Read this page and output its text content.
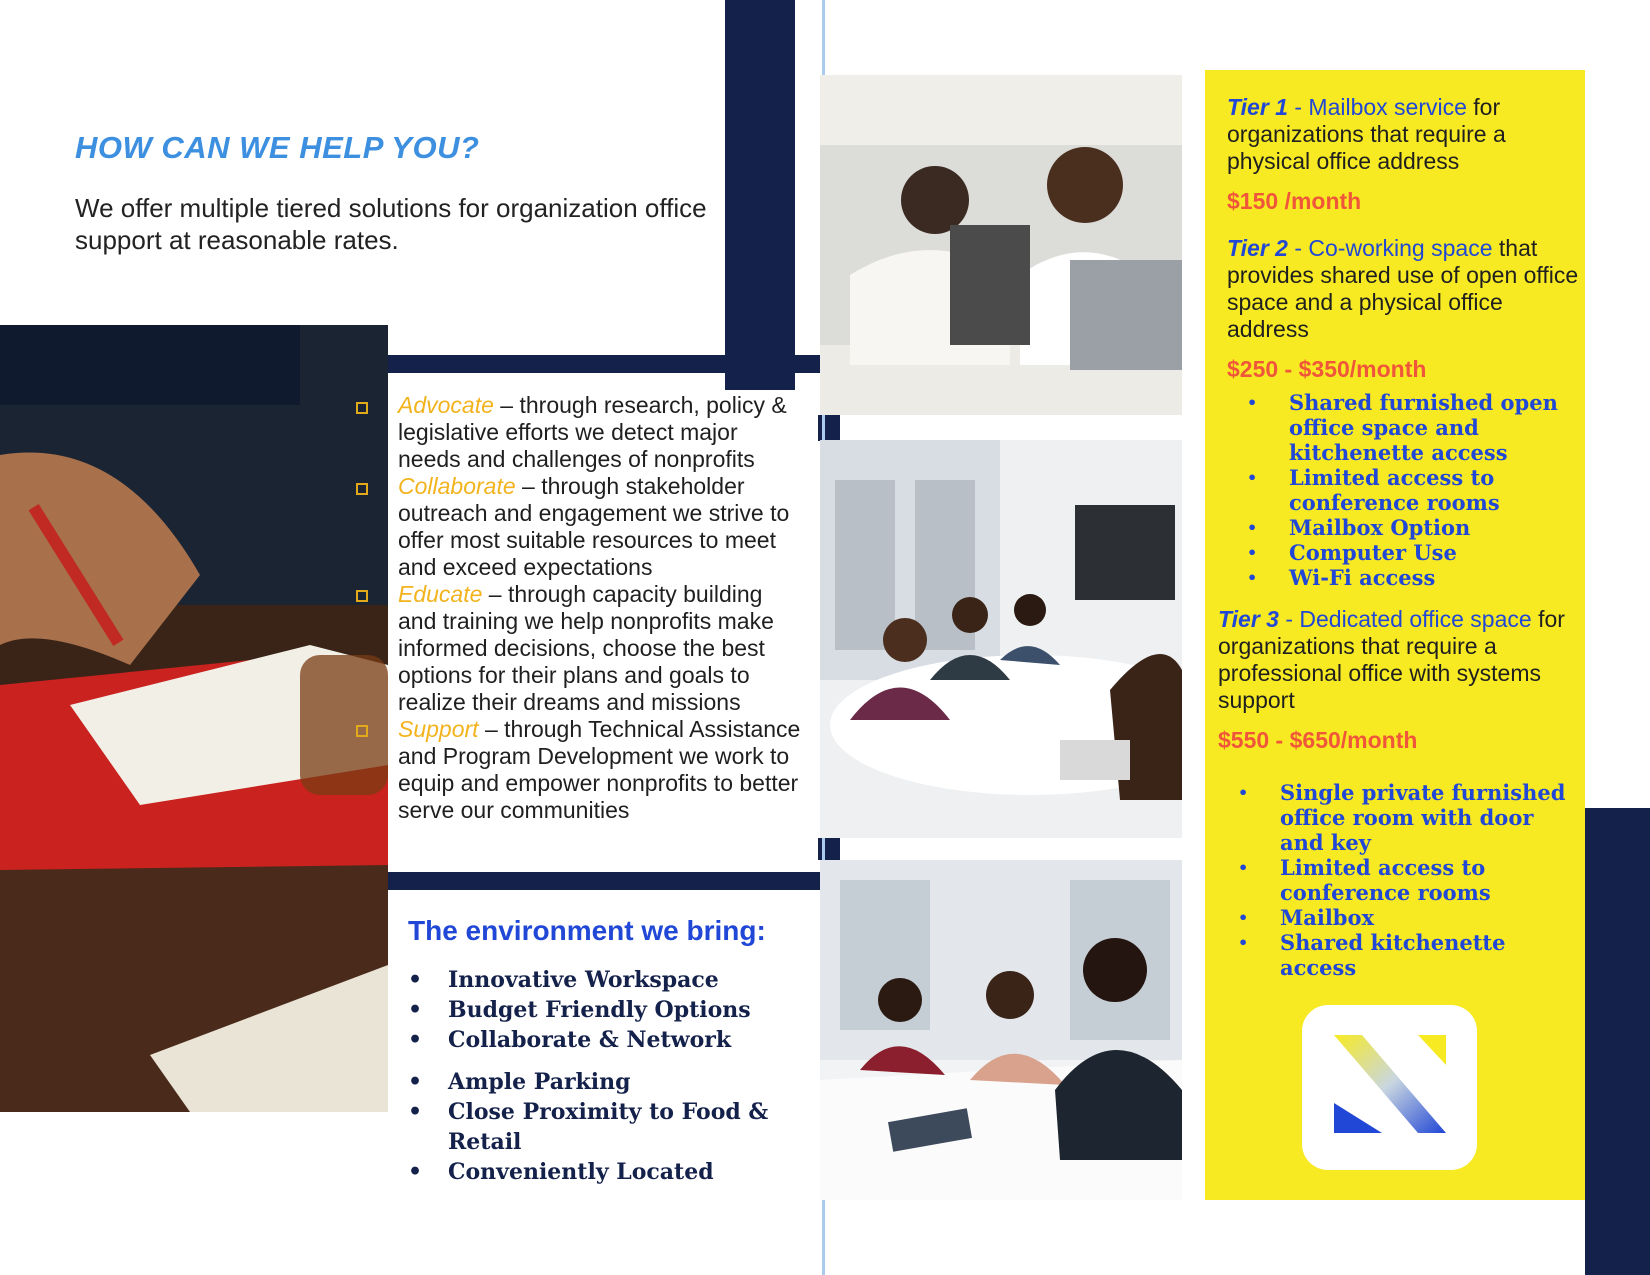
HOW CAN WE HELP YOU?
We offer multiple tiered solutions for organization office support at reasonable rates.
Advocate – through research, policy & legislative efforts we detect major needs and challenges of nonprofits
Collaborate – through stakeholder outreach and engagement we strive to offer most suitable resources to meet and exceed expectations
Educate – through capacity building and training we help nonprofits make informed decisions, choose the best options for their plans and goals to realize their dreams and missions
Support – through Technical Assistance and Program Development we work to equip and empower nonprofits to better serve our communities
The environment we bring:
• Innovative Workspace
• Budget Friendly Options
• Collaborate & Network
• Ample Parking
• Close Proximity to Food & Retail
• Conveniently Located
Tier 1 - Mailbox service for organizations that require a physical office address
$150 /month
Tier 2 - Co-working space that provides shared use of open office space and a physical office address
$250 - $350/month
• Shared furnished open office space and kitchenette access
• Limited access to conference rooms
• Mailbox Option
• Computer Use
• Wi-Fi access
Tier 3 - Dedicated office space for organizations that require a professional office with systems support
$550 - $650/month
• Single private furnished office room with door and key
• Limited access to conference rooms
• Mailbox
• Shared kitchenette access
